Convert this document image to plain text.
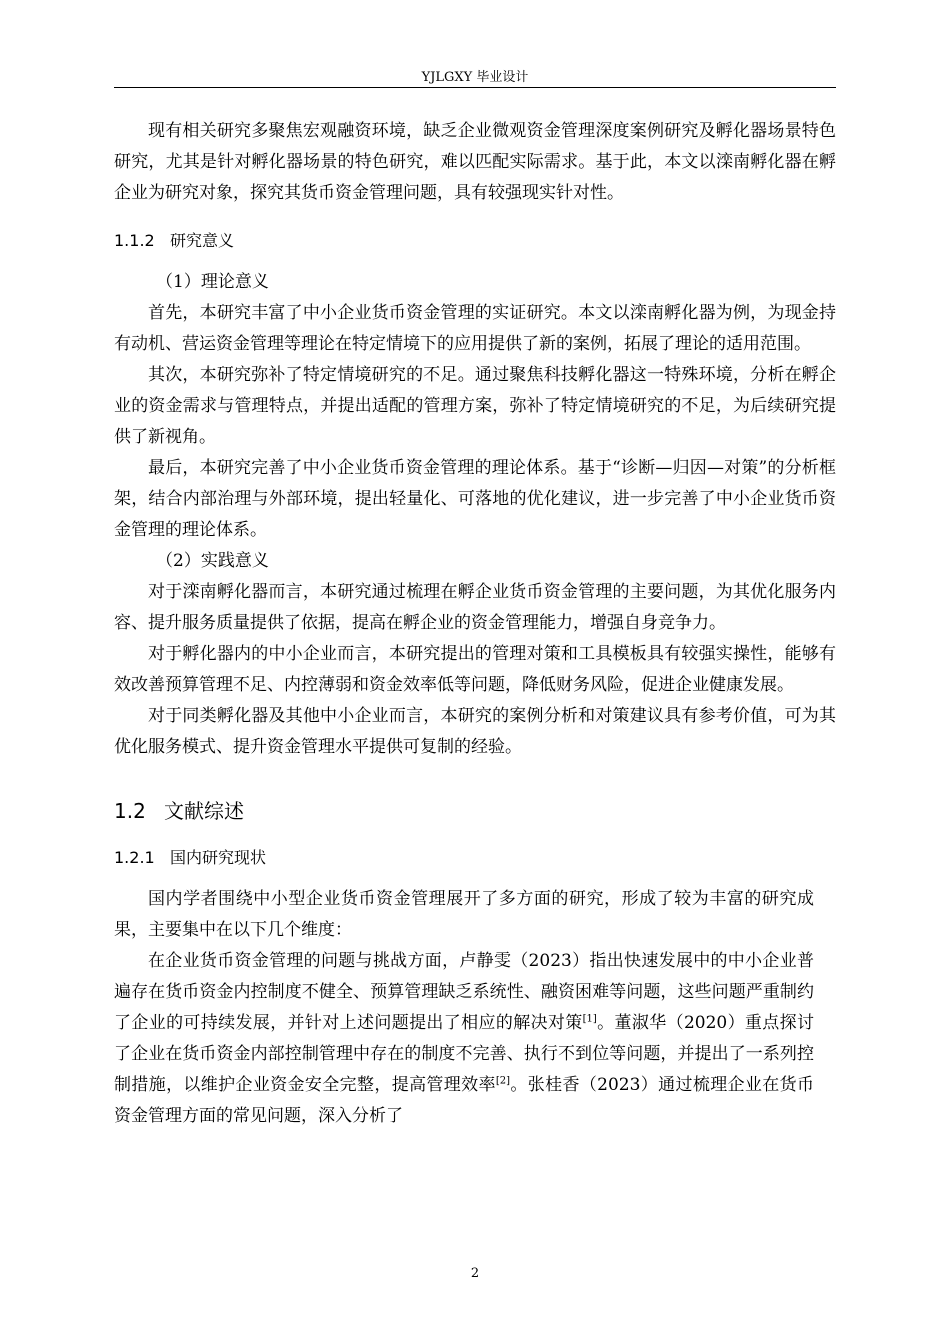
YJLGXY 毕业设计

现有相关研究多聚焦宏观融资环境，缺乏企业微观资金管理深度案例研究及孵化器场景特色研究，尤其是针对孵化器场景的特色研究，难以匹配实际需求。基于此，本文以滦南孵化器在孵企业为研究对象，探究其货币资金管理问题，具有较强现实针对性。

1.1.2 研究意义

（1）理论意义

首先，本研究丰富了中小企业货币资金管理的实证研究。本文以滦南孵化器为例，为现金持有动机、营运资金管理等理论在特定情境下的应用提供了新的案例，拓展了理论的适用范围。

其次，本研究弥补了特定情境研究的不足。通过聚焦科技孵化器这一特殊环境，分析在孵企业的资金需求与管理特点，并提出适配的管理方案，弥补了特定情境研究的不足，为后续研究提供了新视角。

最后，本研究完善了中小企业货币资金管理的理论体系。基于“诊断—归因—对策”的分析框架，结合内部治理与外部环境，提出轻量化、可落地的优化建议，进一步完善了中小企业货币资金管理的理论体系。

（2）实践意义

对于滦南孵化器而言，本研究通过梳理在孵企业货币资金管理的主要问题，为其优化服务内容、提升服务质量提供了依据，提高在孵企业的资金管理能力，增强自身竞争力。

对于孵化器内的中小企业而言，本研究提出的管理对策和工具模板具有较强实操性，能够有效改善预算管理不足、内控薄弱和资金效率低等问题，降低财务风险，促进企业健康发展。

对于同类孵化器及其他中小企业而言，本研究的案例分析和对策建议具有参考价值，可为其优化服务模式、提升资金管理水平提供可复制的经验。

1.2 文献综述
1.2.1 国内研究现状

国内学者围绕中小型企业货币资金管理展开了多方面的研究，形成了较为丰富的研究成果，主要集中在以下几个维度：

在企业货币资金管理的问题与挑战方面，卢静雯（2023）指出快速发展中的中小企业普遍存在货币资金内控制度不健全、预算管理缺乏系统性、融资困难等问题，这些问题严重制约了企业的可持续发展，并针对上述问题提出了相应的解决对策[1]。董淑华（2020）重点探讨了企业在货币资金内部控制管理中存在的制度不完善、执行不到位等问题，并提出了一系列控制措施，以维护企业资金安全完整，提高管理效率[2]。张桂香（2023）通过梳理企业在货币资金管理方面的常见问题，深入分析了

2
